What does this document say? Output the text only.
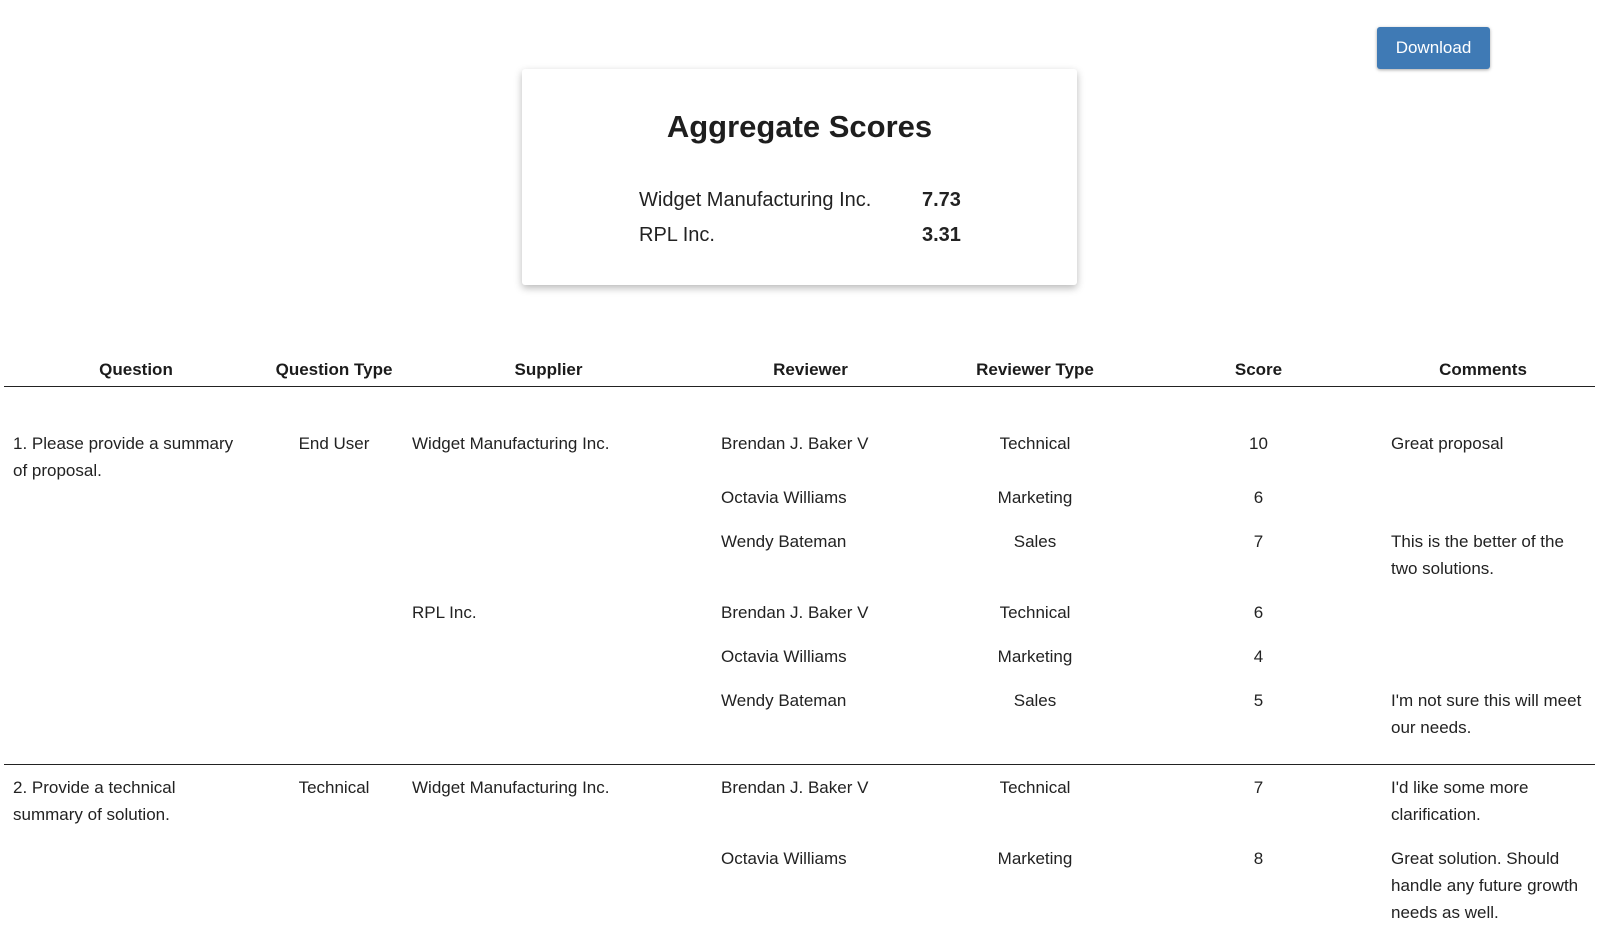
Download
Aggregate Scores
Widget Manufacturing Inc.	7.73
RPL Inc.	3.31
Question	Question Type	Supplier	Reviewer	Reviewer Type	Score	Comments

1. Please provide a summary of proposal.	End User	Widget Manufacturing Inc.	Brendan J. Baker V	Technical	10	Great proposal
			Octavia Williams	Marketing	6	
			Wendy Bateman	Sales	7	This is the better of the two solutions.
		RPL Inc.	Brendan J. Baker V	Technical	6	
			Octavia Williams	Marketing	4	
			Wendy Bateman	Sales	5	I'm not sure this will meet our needs.

2. Provide a technical summary of solution.	Technical	Widget Manufacturing Inc.	Brendan J. Baker V	Technical	7	I'd like some more clarification.
			Octavia Williams	Marketing	8	Great solution. Should handle any future growth needs as well.
